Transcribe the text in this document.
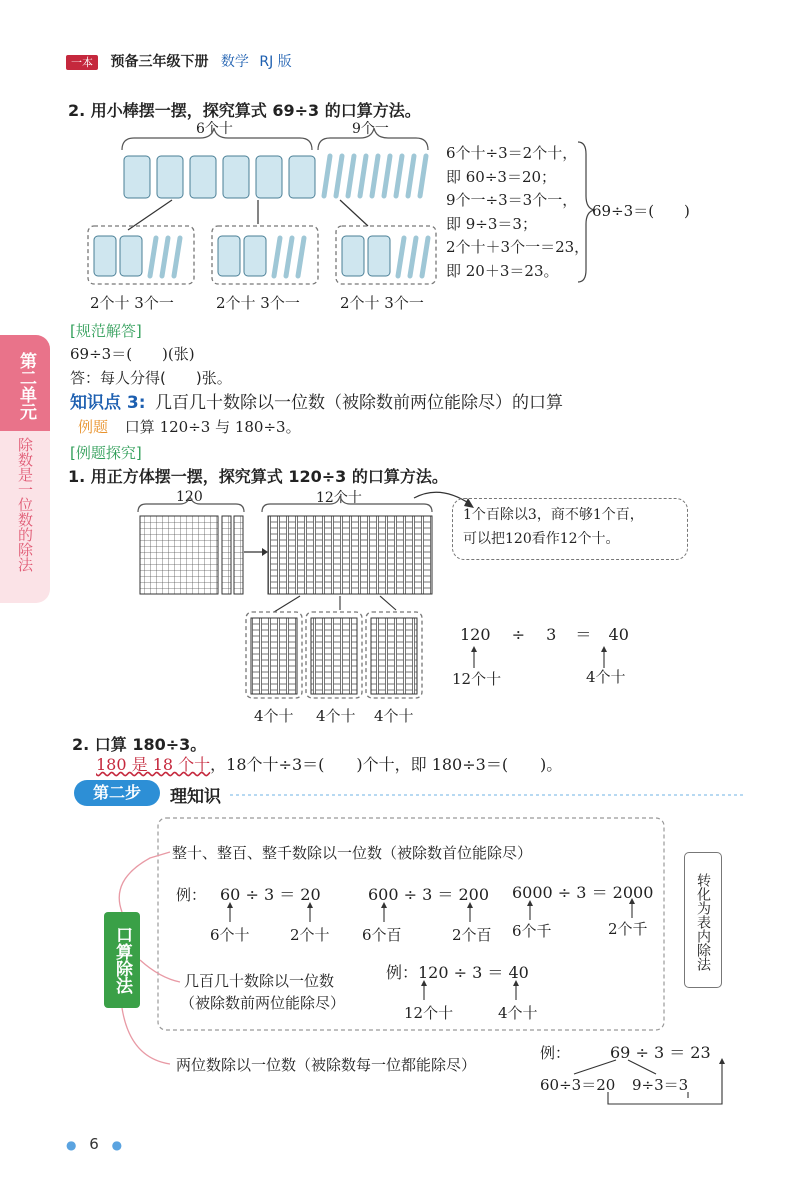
一本 预备三年级下册 数学 RJ 版
第二单元
除数是一位数的除法
2. 用小棒摆一摆，探究算式 69÷3 的口算方法。
6个十	9个一
2个十 3个一	2个十 3个一	2个十 3个一
6个十÷3＝2个十，
即 60÷3＝20；
9个一÷3＝3个一，
即 9÷3＝3；
2个十＋3个一＝23，
即 20＋3＝23。
69÷3＝(　　)
[规范解答]
69÷3＝(　　)(张)
答：每人分得(　　)张。
知识点 3: 几百几十数除以一位数（被除数前两位能除尽）的口算
例题 口算 120÷3 与 180÷3。
[例题探究]
1. 用正方体摆一摆，探究算式 120÷3 的口算方法。
120	12个十
1个百除以3，商不够1个百，
可以把120看作12个十。
120 ÷ 3 ＝ 40
12个十	4个十
4个十 4个十 4个十
2. 口算 180÷3。
180 是 18 个十，18个十÷3＝(　　)个十，即 180÷3＝(　　)。
第二步	理知识
口算除法
整十、整百、整千数除以一位数（被除数首位能除尽）
例： 60 ÷ 3 ＝ 20
6个十	2个十
600 ÷ 3 ＝ 200
6个百	2个百
6000 ÷ 3 ＝ 2000
6个千	2个千	转化为表内除法
几百几十数除以一位数
（被除数前两位能除尽）
例：120 ÷ 3 ＝ 40
12个十	4个十
两位数除以一位数（被除数每一位都能除尽）
例： 69 ÷ 3 ＝ 23
60÷3＝20 9÷3＝3
● 6 ●
